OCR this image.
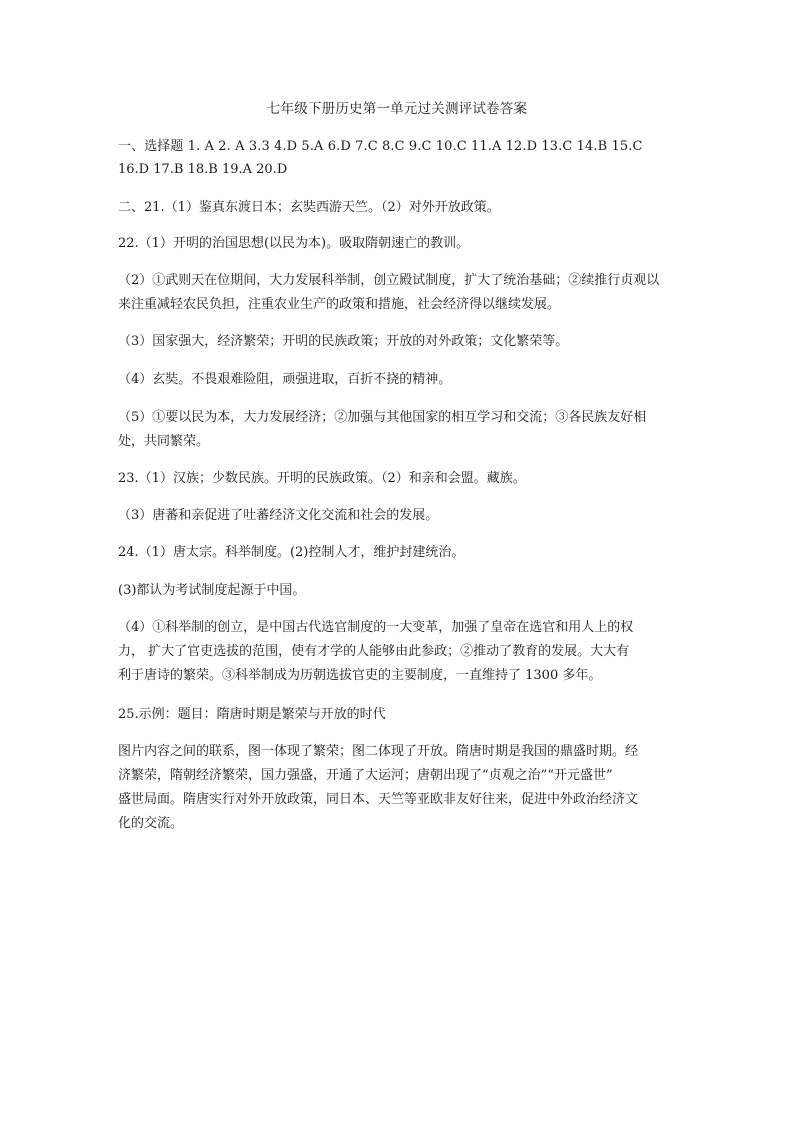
七年级下册历史第一单元过关测评试卷答案
一、选择题 1. A 2. A 3.3 4.D 5.A 6.D 7.C 8.C 9.C 10.C 11.A 12.D 13.C 14.B 15.C
16.D 17.B 18.B 19.A 20.D
二、21.（1）鉴真东渡日本；玄奘西游天竺。（2）对外开放政策。
22.（1）开明的治国思想(以民为本)。吸取隋朝速亡的教训。
（2）①武则天在位期间，大力发展科举制，创立殿试制度，扩大了统治基础；②续推行贞观以
来注重减轻农民负担，注重农业生产的政策和措施，社会经济得以继续发展。
（3）国家强大，经济繁荣；开明的民族政策；开放的对外政策；文化繁荣等。
（4）玄奘。不畏艰难险阻，顽强进取，百折不挠的精神。
（5）①要以民为本，大力发展经济；②加强与其他国家的相互学习和交流；③各民族友好相
处，共同繁荣。
23.（1）汉族；少数民族。开明的民族政策。（2）和亲和会盟。藏族。
（3）唐蕃和亲促进了吐蕃经济文化交流和社会的发展。
24.（1）唐太宗。科举制度。(2)控制人才，维护封建统治。
(3)都认为考试制度起源于中国。
（4）①科举制的创立，是中国古代选官制度的一大变革，加强了皇帝在选官和用人上的权
力， 扩大了官吏选拔的范围，使有才学的人能够由此参政；②推动了教育的发展。大大有
利于唐诗的繁荣。③科举制成为历朝选拔官吏的主要制度，一直维持了 1300 多年。
25.示例：题目：隋唐时期是繁荣与开放的时代
图片内容之间的联系，图一体现了繁荣；图二体现了开放。隋唐时期是我国的鼎盛时期。经
济繁荣，隋朝经济繁荣，国力强盛，开通了大运河；唐朝出现了“贞观之治”“开元盛世”
盛世局面。隋唐实行对外开放政策，同日本、天竺等亚欧非友好往来，促进中外政治经济文
化的交流。
